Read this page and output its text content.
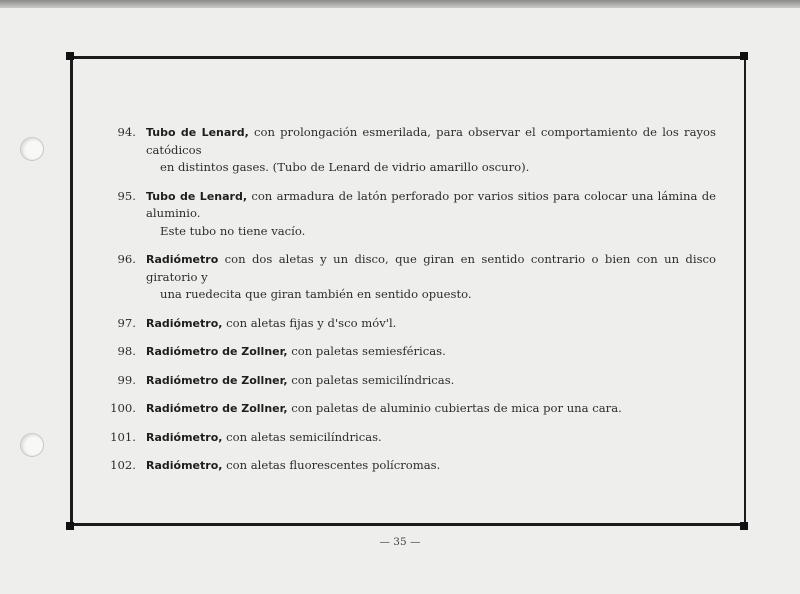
94. Tubo de Lenard, con prolongación esmerilada, para observar el comportamiento de los rayos catódicos
en distintos gases. (Tubo de Lenard de vidrio amarillo oscuro).
95. Tubo de Lenard, con armadura de latón perforado por varios sitios para colocar una lámina de aluminio.
Este tubo no tiene vacío.
96. Radiómetro con dos aletas y un disco, que giran en sentido contrario o bien con un disco giratorio y
una ruedecita que giran también en sentido opuesto.
97. Radiómetro, con aletas fijas y d'sco móv'l.
98. Radiómetro de Zollner, con paletas semiesféricas.
99. Radiómetro de Zollner, con paletas semicilíndricas.
100. Radiómetro de Zollner, con paletas de aluminio cubiertas de mica por una cara.
101. Radiómetro, con aletas semicilíndricas.
102. Radiómetro, con aletas fluorescentes polícromas.
— 35 —
